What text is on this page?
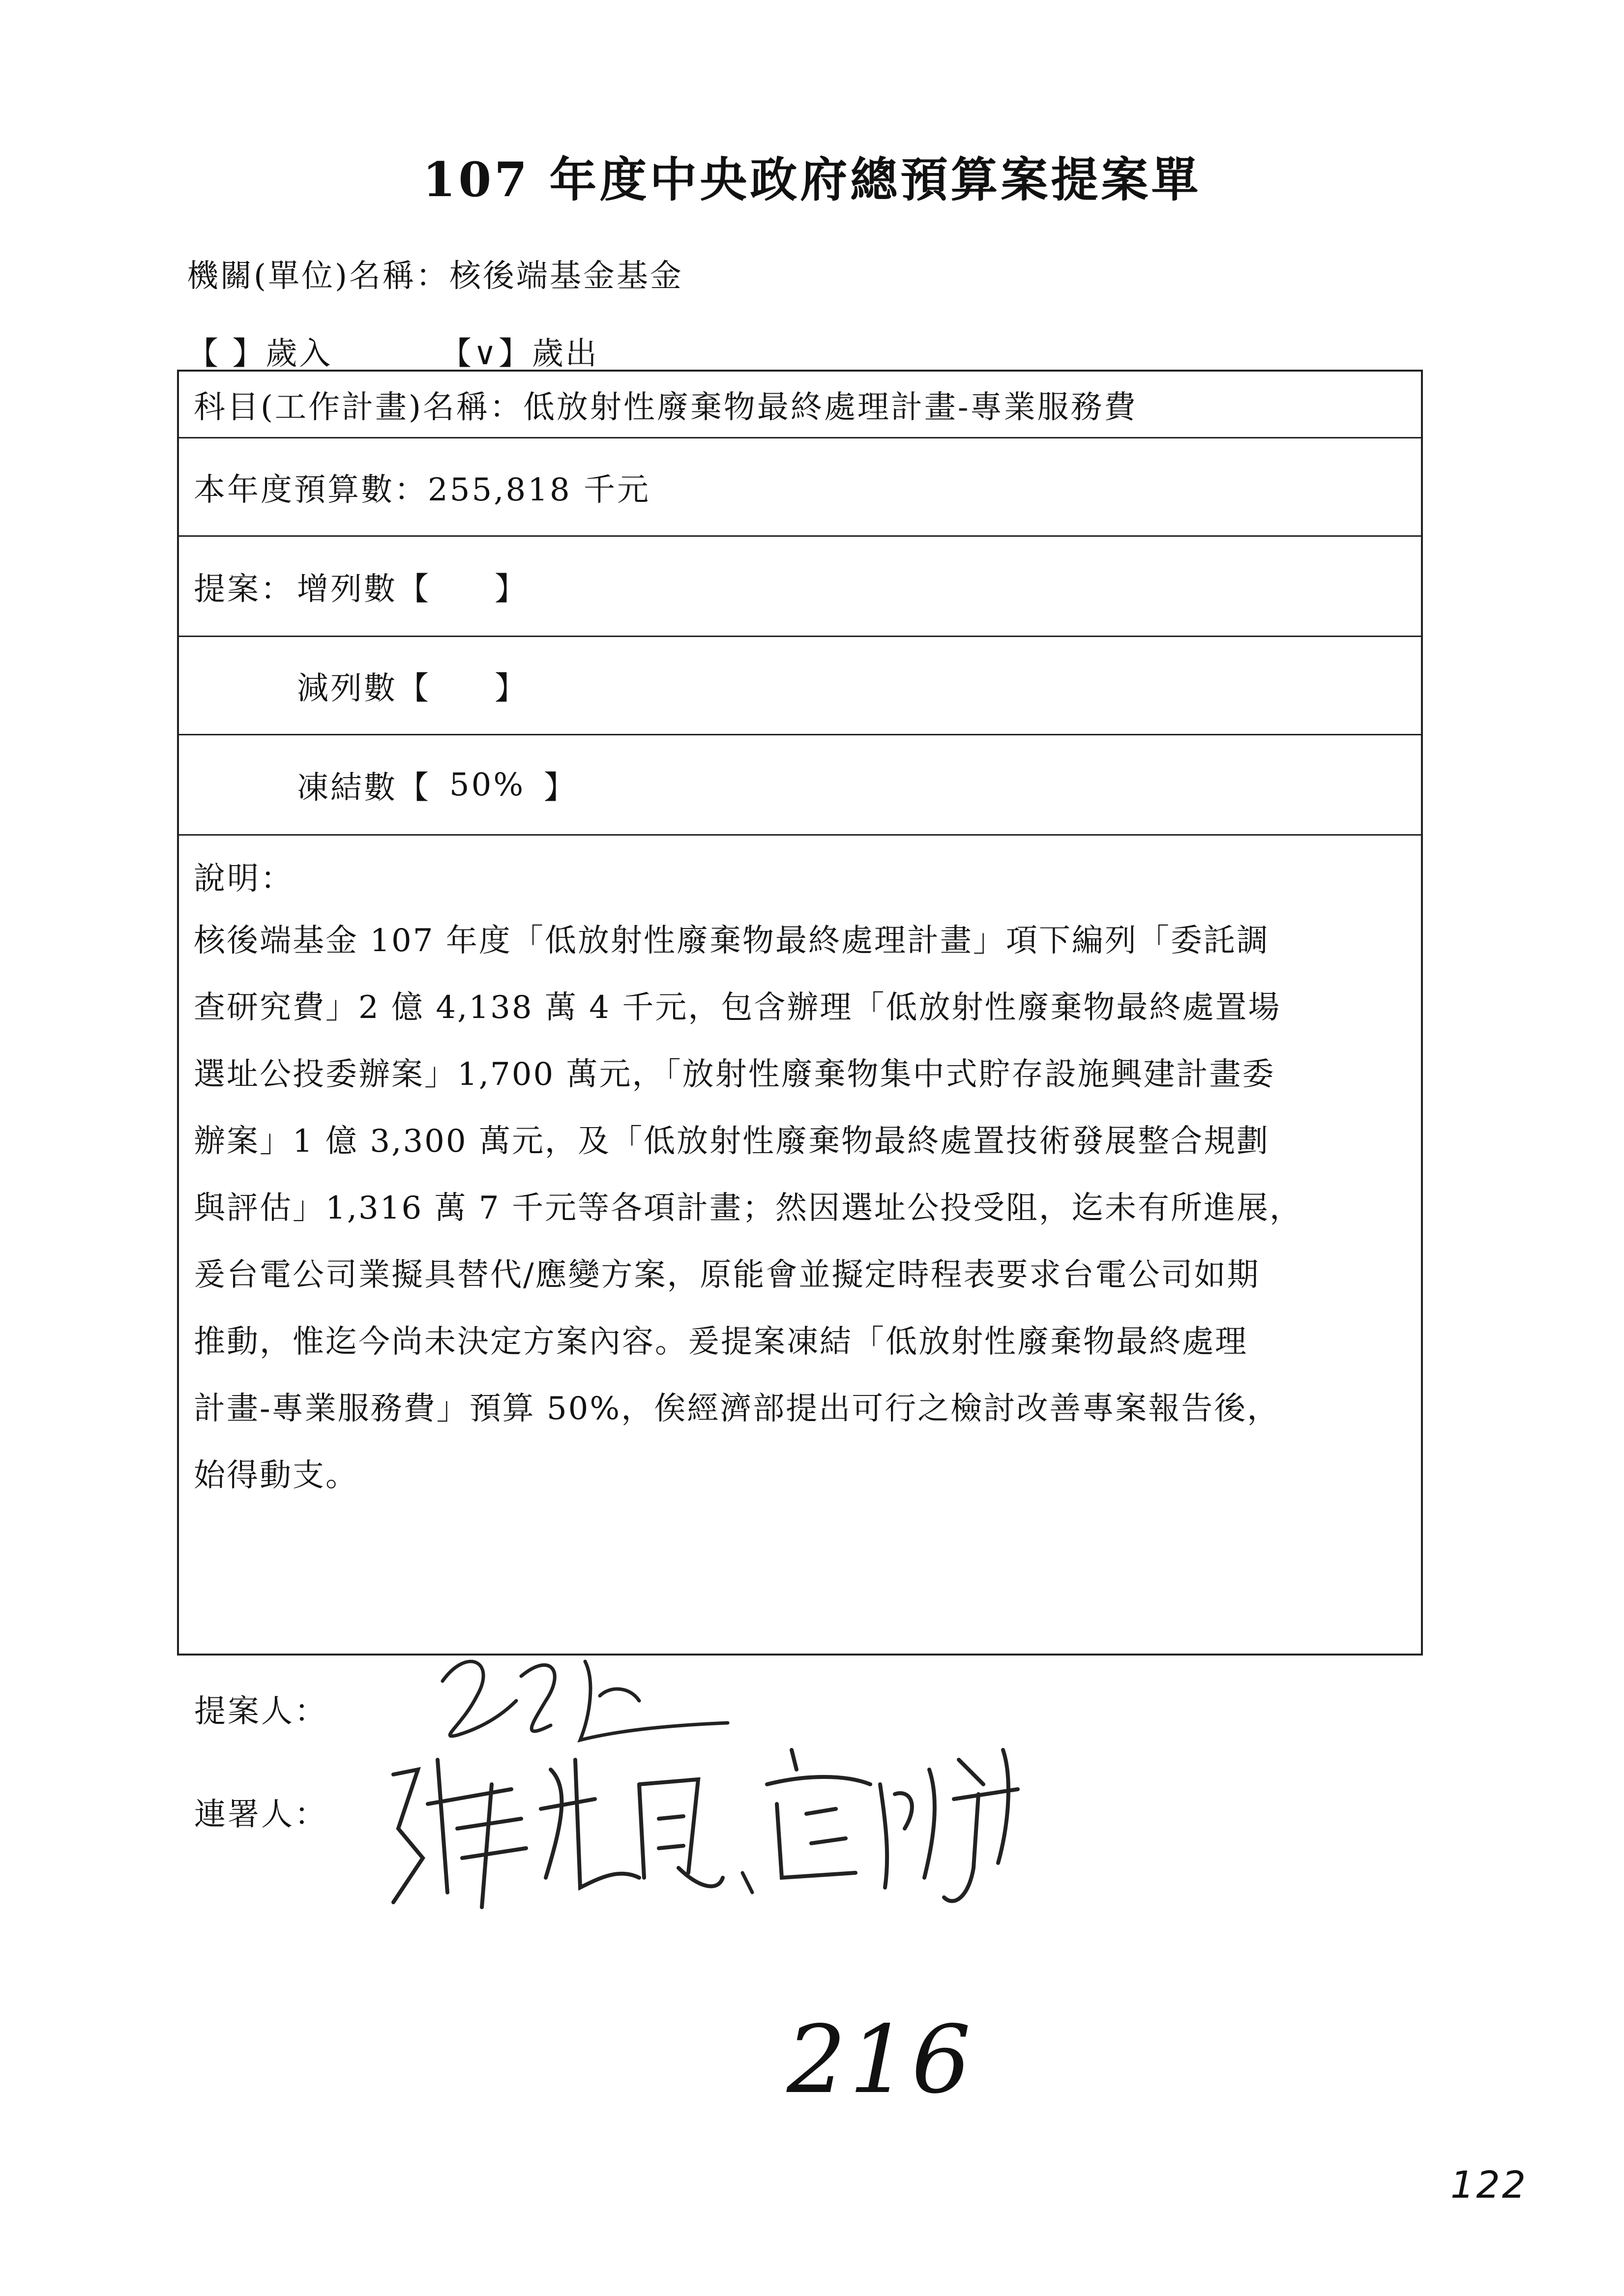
107 年度中央政府總預算案提案單
機關(單位)名稱：核後端基金基金
【 】歲入	【∨】歲出
科目(工作計畫)名稱： 低放射性廢棄物最終處理計畫-專業服務費
本年度預算數： 255,818 千元
提案： 增列數【 】
減列數【 】
凍結數【 50% 】
說明：
核後端基金 107 年度「低放射性廢棄物最終處理計畫」項下編列「委託調
查研究費」2 億 4,138 萬 4 千元，包含辦理「低放射性廢棄物最終處置場
選址公投委辦案」1,700 萬元，「放射性廢棄物集中式貯存設施興建計畫委
辦案」1 億 3,300 萬元，及「低放射性廢棄物最終處置技術發展整合規劃
與評估」1,316 萬 7 千元等各項計畫；然因選址公投受阻，迄未有所進展，
爰台電公司業擬具替代/應變方案，原能會並擬定時程表要求台電公司如期
推動，惟迄今尚未決定方案內容。爰提案凍結「低放射性廢棄物最終處理
計畫-專業服務費」預算 50%，俟經濟部提出可行之檢討改善專案報告後，
始得動支。
提案人：
連署人：
216
122
